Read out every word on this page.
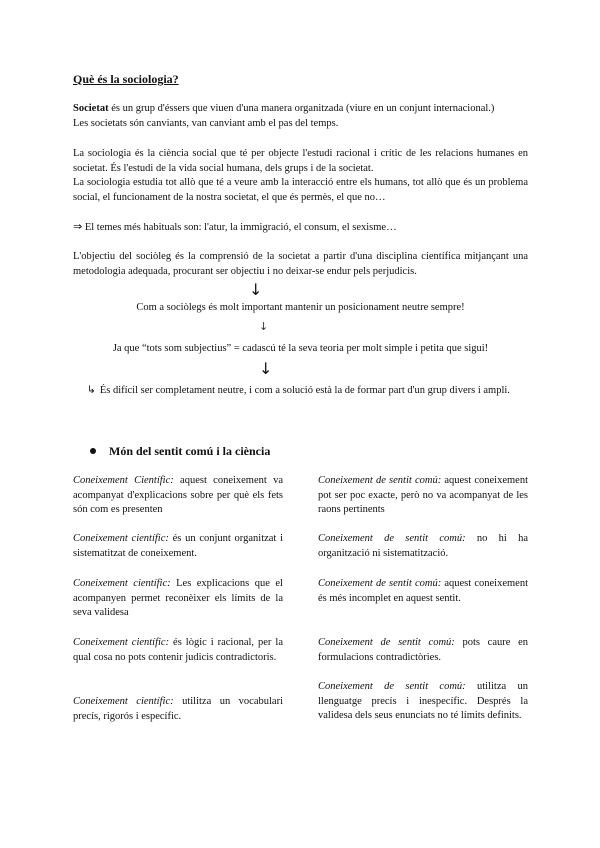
Què és la sociologia?
Societat és un grup d'éssers que viuen d'una manera organitzada (viure en un conjunt internacional.)
Les societats són canviants, van canviant amb el pas del temps.
La sociologia és la ciència social que té per objecte l'estudi racional i crític de les relacions humanes en societat. És l'estudi de la vida social humana, dels grups i de la societat.
La sociologia estudia tot allò que té a veure amb la interacció entre els humans, tot allò que és un problema social, el funcionament de la nostra societat, el que és permès, el que no…
⇒ El temes més habituals son: l'atur, la immigració, el consum, el sexisme…
L'objectiu del sociòleg és la comprensió de la societat a partir d'una disciplina científica mitjançant una metodologia adequada, procurant ser objectiu i no deixar-se endur pels perjudicis.
↓
Com a sociòlegs és molt important mantenir un posicionament neutre sempre!
↓
Ja que “tots som subjectius” = cadascú té la seva teoria per molt simple i petita que sigui!
↓
↳ És difícil ser completament neutre, i com a solució està la de formar part d'un grup divers i ampli.
Món del sentit comú i la ciència
Coneixement Científic: aquest coneixement va acompanyat d'explicacions sobre per què els fets són com es presenten
Coneixement científic: és un conjunt organitzat i sistematitzat de coneixement.
Coneixement científic: Les explicacions que el acompanyen permet reconèixer els límits de la seva validesa
Coneixement científic: és lògic i racional, per la qual cosa no pots contenir judicis contradictoris.
Coneixement científic: utilitza un vocabulari precís, rigorós i específic.
Coneixement de sentit comú: aquest coneixement pot ser poc exacte, però no va acompanyat de les raons pertinents
Coneixement de sentit comú: no hi ha organització ni sistematització.
Coneixement de sentit comú: aquest coneixement és més incomplet en aquest sentit.
Coneixement de sentit comú: pots caure en formulacions contradictòries.
Coneixement de sentit comú: utilitza un llenguatge precís i inespecífic. Després la validesa dels seus enunciats no té límits definits.
